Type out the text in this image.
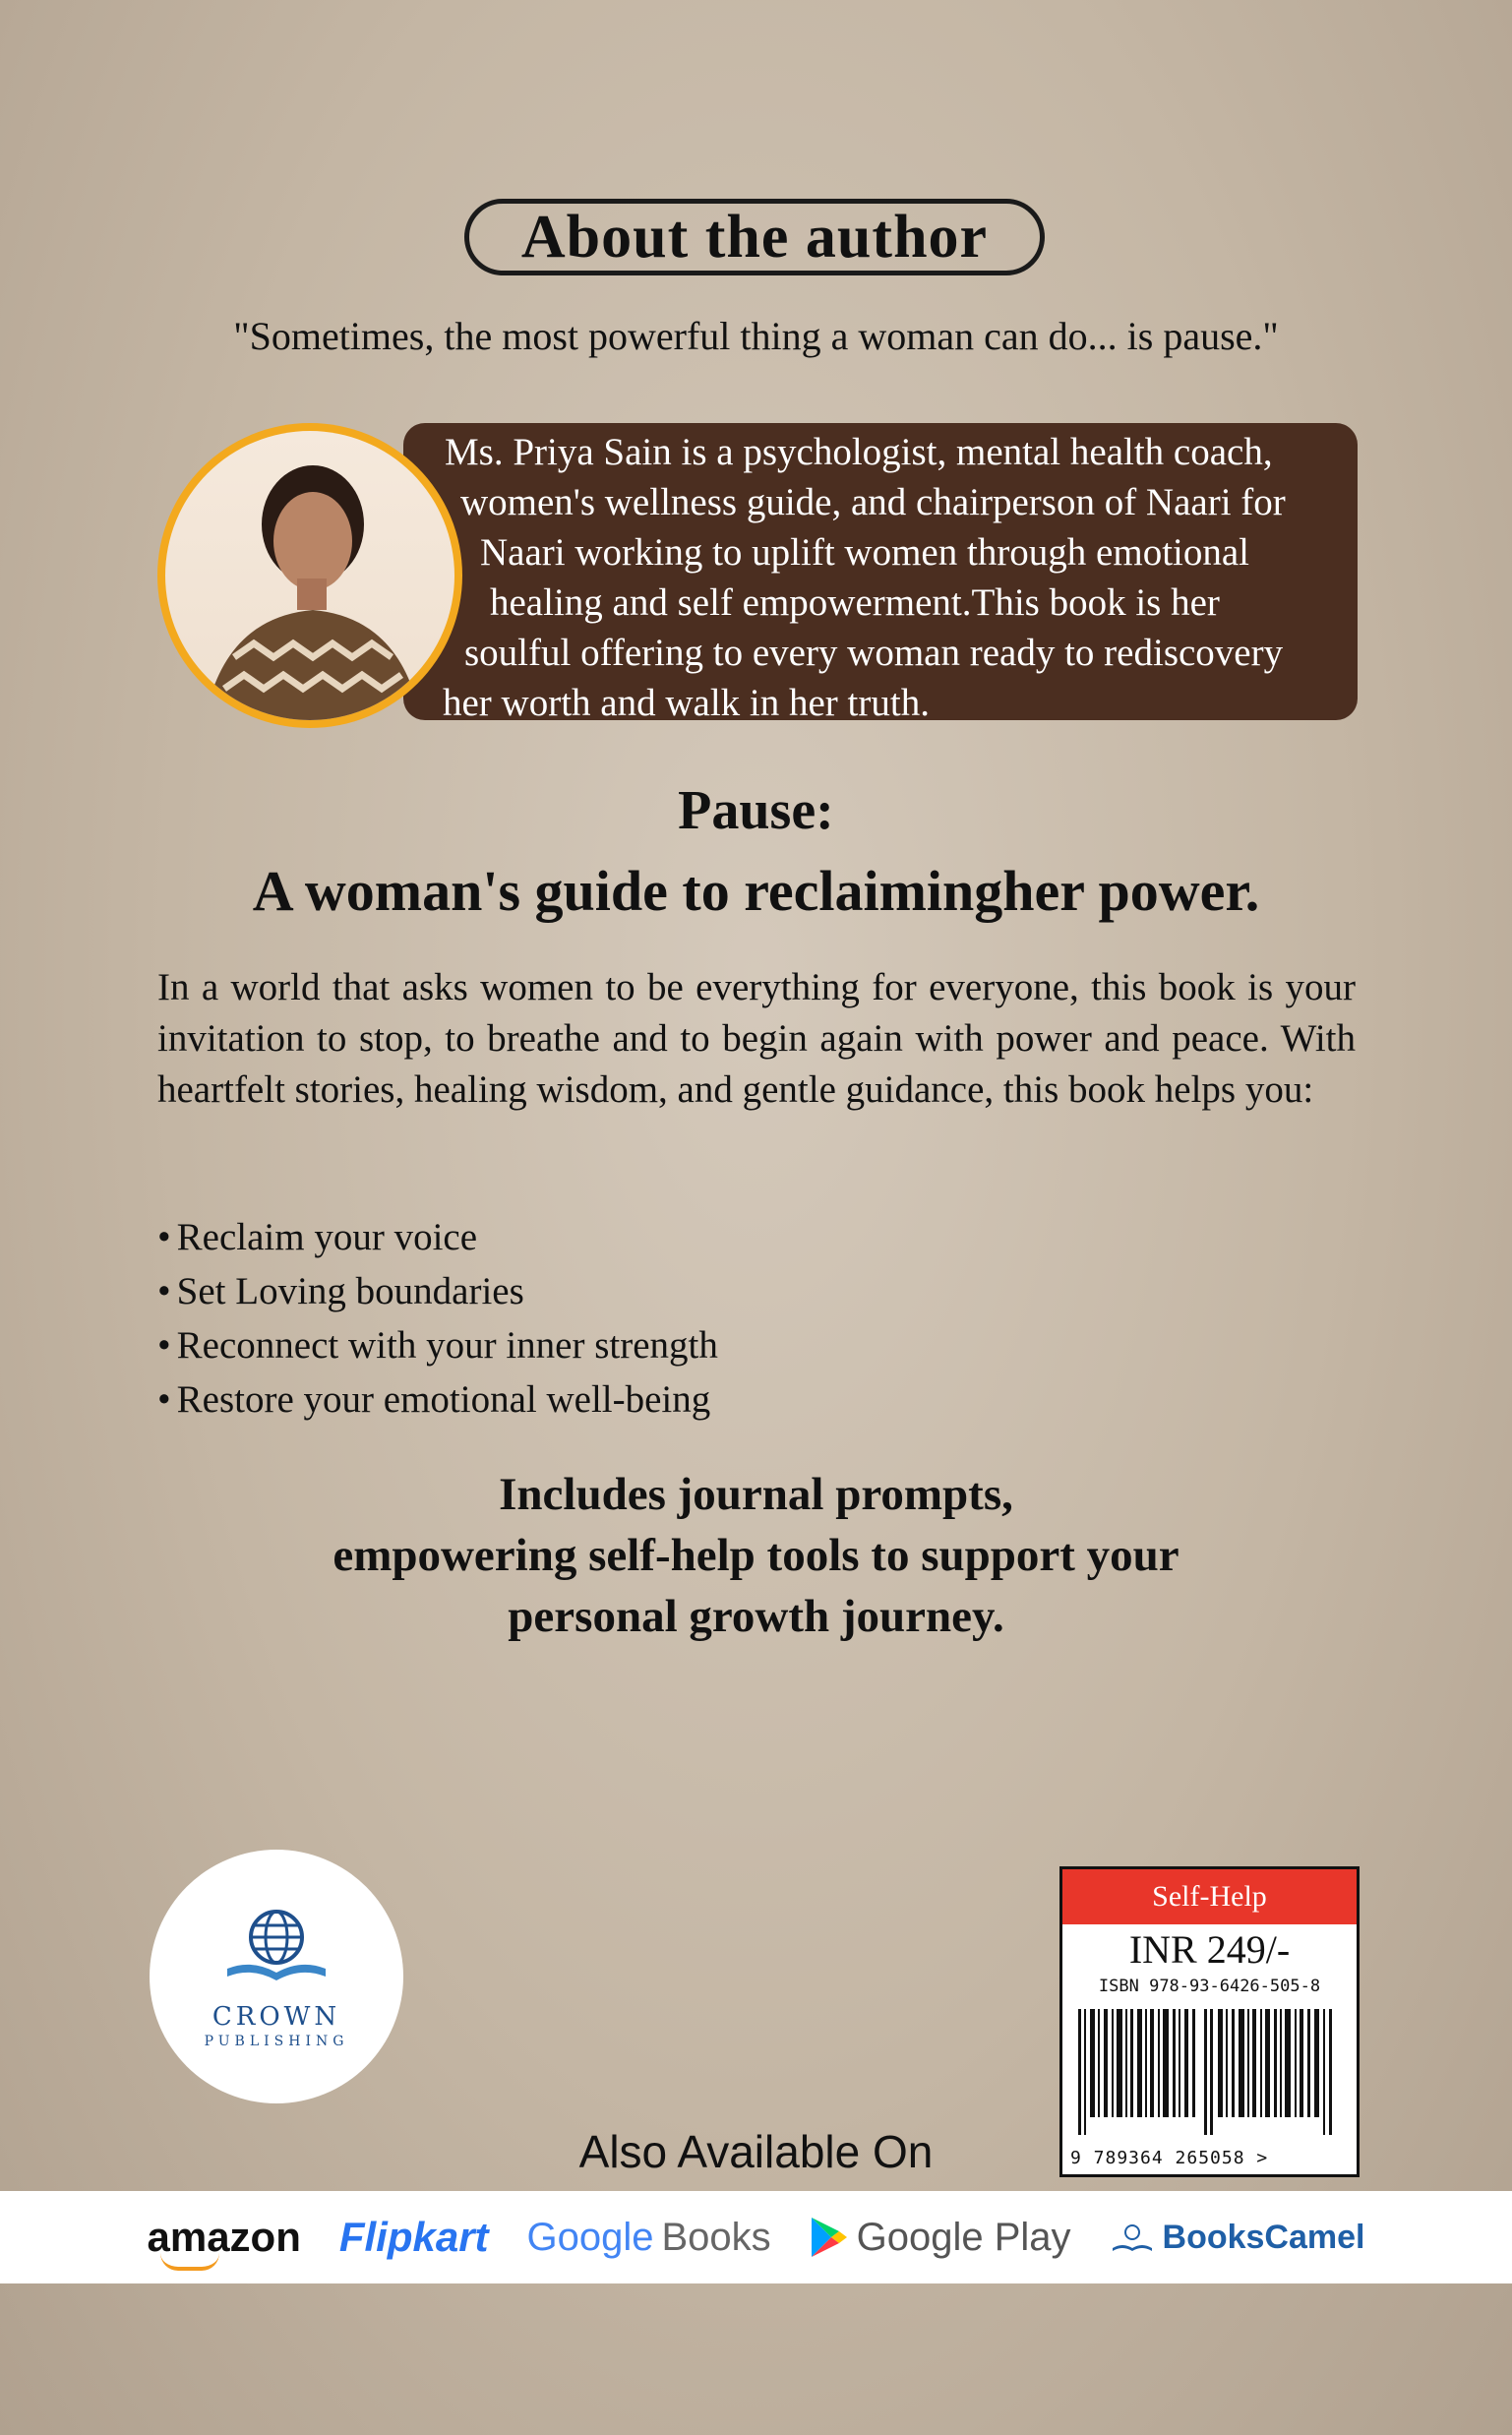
About the author
"Sometimes, the most powerful thing a woman can do... is pause."
Ms. Priya Sain is a psychologist, mental health coach,
women's wellness guide, and chairperson of Naari for
Naari working to uplift women through emotional
healing and self empowerment.This book is her
soulful offering to every woman ready to rediscovery
her worth and walk in her truth.
Pause:
A woman's guide to reclaimingher power.
In a world that asks women to be everything for everyone, this book is your invitation to stop, to breathe and to begin again with power and peace. With heartfelt stories, healing wisdom, and gentle guidance, this book helps you:
• Reclaim your voice
• Set Loving boundaries
• Reconnect with your inner strength
• Restore your emotional well-being
Includes journal prompts,
empowering self-help tools to support your
personal growth journey.
CROWN
PUBLISHING
Self-Help
INR 249/-
ISBN 978-93-6426-505-8
9 789364 265058 >
Also Available On
amazon Flipkart Google Books Google Play	BooksCamel
